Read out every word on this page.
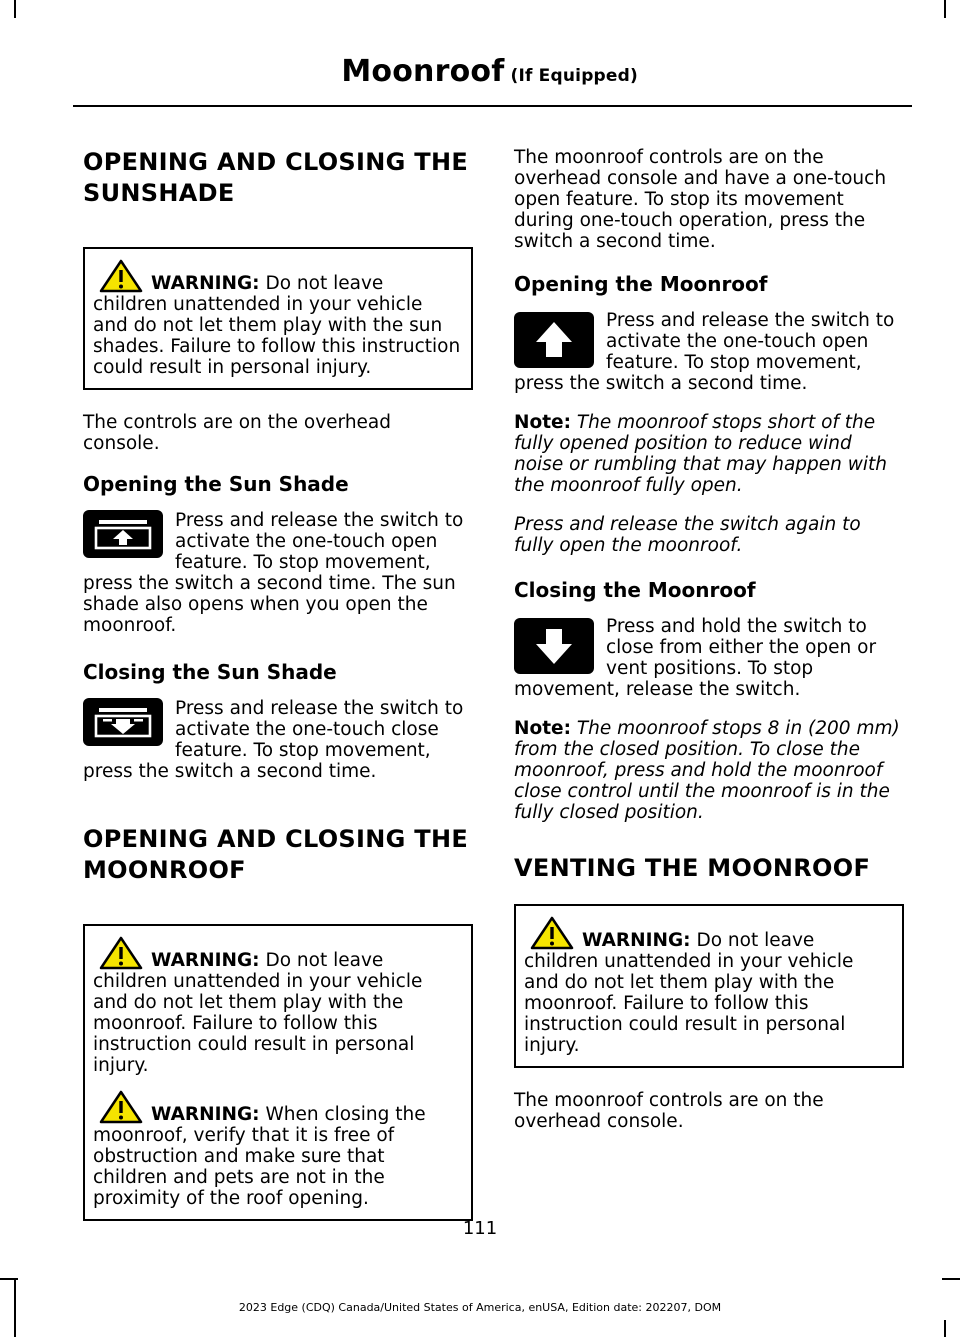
Moonroof (If Equipped)
OPENING AND CLOSING THE SUNSHADE

WARNING: Do not leave children unattended in your vehicle and do not let them play with the sun shades. Failure to follow this instruction could result in personal injury.

The controls are on the overhead console.

Opening the Sun Shade
Press and release the switch to activate the one-touch open feature. To stop movement, press the switch a second time. The sun shade also opens when you open the moonroof.
Closing the Sun Shade
Press and release the switch to activate the one-touch close feature. To stop movement, press the switch a second time.
OPENING AND CLOSING THE MOONROOF

WARNING: Do not leave children unattended in your vehicle and do not let them play with the moonroof. Failure to follow this instruction could result in personal injury.

WARNING: When closing the moonroof, verify that it is free of obstruction and make sure that children and pets are not in the proximity of the roof opening.

The moonroof controls are on the overhead console and have a one-touch open feature. To stop its movement during one-touch operation, press the switch a second time.

Opening the Moonroof
Press and release the switch to activate the one-touch open feature. To stop movement, press the switch a second time.

Note: The moonroof stops short of the fully opened position to reduce wind noise or rumbling that may happen with the moonroof fully open.

Press and release the switch again to fully open the moonroof.

Closing the Moonroof
Press and hold the switch to close from either the open or vent positions. To stop movement, release the switch.

Note: The moonroof stops 8 in (200 mm) from the closed position. To close the moonroof, press and hold the moonroof close control until the moonroof is in the fully closed position.

VENTING THE MOONROOF

WARNING: Do not leave children unattended in your vehicle and do not let them play with the moonroof. Failure to follow this instruction could result in personal injury.

The moonroof controls are on the overhead console.

111
2023 Edge (CDQ) Canada/United States of America, enUSA, Edition date: 202207, DOM
